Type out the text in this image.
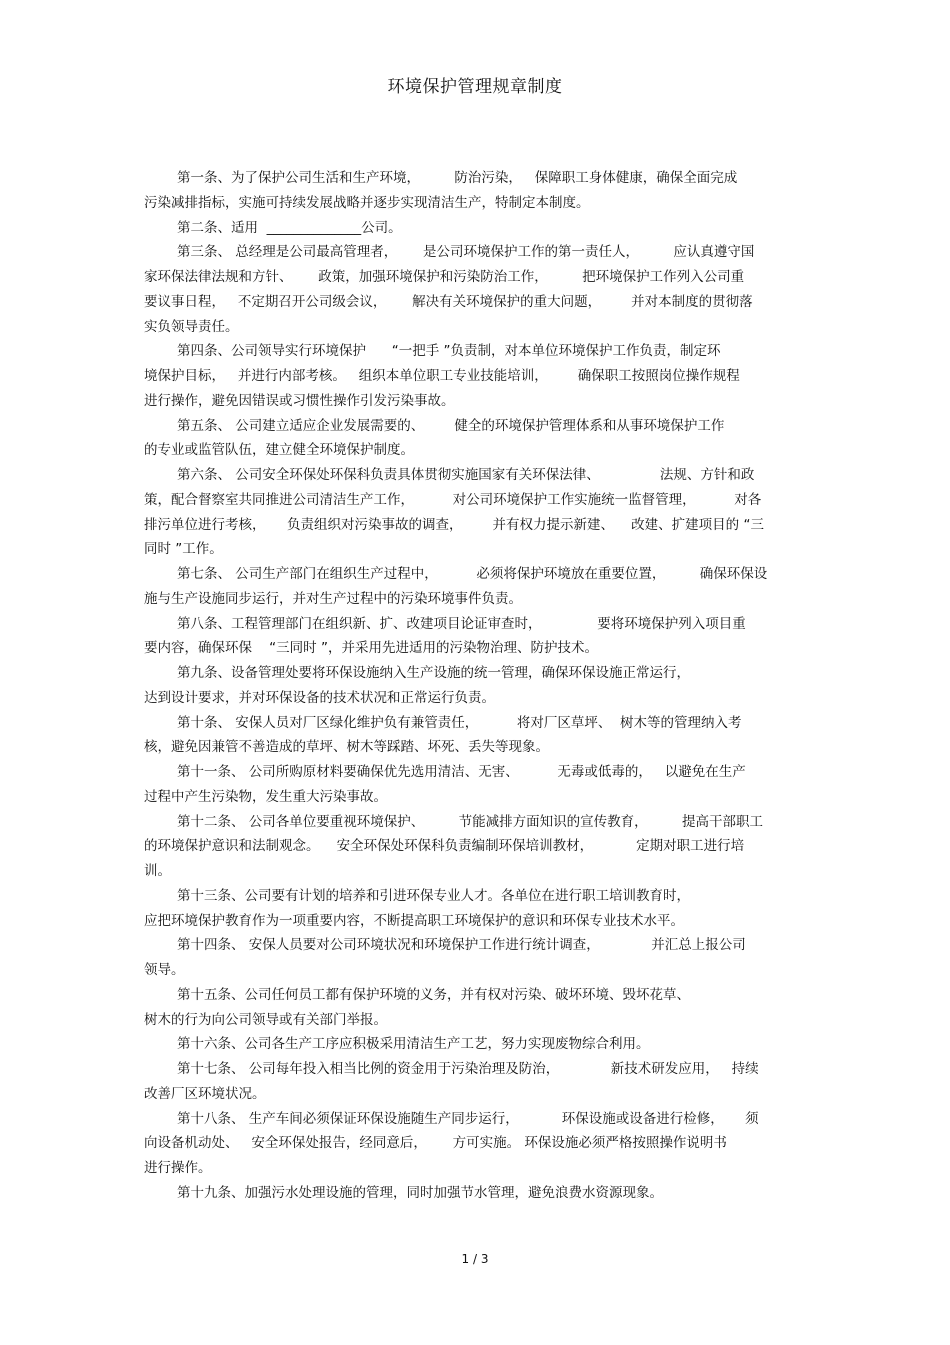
环境保护管理规章制度
第一条、为了保护公司生活和生产环境，        防治污染，   保障职工身体健康，确保全面完成
污染减排指标，实施可持续发展战略并逐步实现清洁生产，特制定本制度。
第二条、适用  ______________公司。
第三条、 总经理是公司最高管理者，      是公司环境保护工作的第一责任人，        应认真遵守国
家环保法律法规和方针、      政策，加强环境保护和污染防治工作，        把环境保护工作列入公司重
要议事日程，   不定期召开公司级会议，      解决有关环境保护的重大问题，       并对本制度的贯彻落
实负领导责任。
第四条、公司领导实行环境保护      “一把手 ”负责制，对本单位环境保护工作负责，制定环
境保护目标，   并进行内部考核。   组织本单位职工专业技能培训，       确保职工按照岗位操作规程
进行操作，避免因错误或习惯性操作引发污染事故。
第五条、 公司建立适应企业发展需要的、       健全的环境保护管理体系和从事环境保护工作
的专业或监管队伍，建立健全环境保护制度。
第六条、 公司安全环保处环保科负责具体贯彻实施国家有关环保法律、              法规、方针和政
策，配合督察室共同推进公司清洁生产工作，         对公司环境保护工作实施统一监督管理，         对各
排污单位进行考核，     负责组织对污染事故的调查，       并有权力提示新建、    改建、扩建项目的 “三
同时 ”工作。
第七条、 公司生产部门在组织生产过程中，         必须将保护环境放在重要位置，        确保环保设
施与生产设施同步运行，并对生产过程中的污染环境事件负责。
第八条、工程管理部门在组织新、扩、改建项目论证审查时，             要将环境保护列入项目重
要内容，确保环保    “三同时 ”，并采用先进适用的污染物治理、防护技术。
第九条、设备管理处要将环保设施纳入生产设施的统一管理，确保环保设施正常运行，
达到设计要求，并对环保设备的技术状况和正常运行负责。
第十条、 安保人员对厂区绿化维护负有兼管责任，         将对厂区草坪、  树木等的管理纳入考
核，避免因兼管不善造成的草坪、树木等踩踏、坏死、丢失等现象。
第十一条、 公司所购原材料要确保优先选用清洁、无害、         无毒或低毒的，   以避免在生产
过程中产生污染物，发生重大污染事故。
第十二条、 公司各单位要重视环境保护、        节能减排方面知识的宣传教育，        提高干部职工
的环境保护意识和法制观念。    安全环保处环保科负责编制环保培训教材，          定期对职工进行培
训。
第十三条、公司要有计划的培养和引进环保专业人才。各单位在进行职工培训教育时，
应把环境保护教育作为一项重要内容，不断提高职工环境保护的意识和环保专业技术水平。
第十四条、 安保人员要对公司环境状况和环境保护工作进行统计调查，            并汇总上报公司
领导。
第十五条、公司任何员工都有保护环境的义务，并有权对污染、破坏环境、毁坏花草、
树木的行为向公司领导或有关部门举报。
第十六条、公司各生产工序应积极采用清洁生产工艺，努力实现废物综合利用。
第十七条、 公司每年投入相当比例的资金用于污染治理及防治，            新技术研发应用，   持续
改善厂区环境状况。
第十八条、 生产车间必须保证环保设施随生产同步运行，          环保设施或设备进行检修，     须
向设备机动处、   安全环保处报告，经同意后，      方可实施。 环保设施必须严格按照操作说明书
进行操作。
第十九条、加强污水处理设施的管理，同时加强节水管理，避免浪费水资源现象。
1 / 3
